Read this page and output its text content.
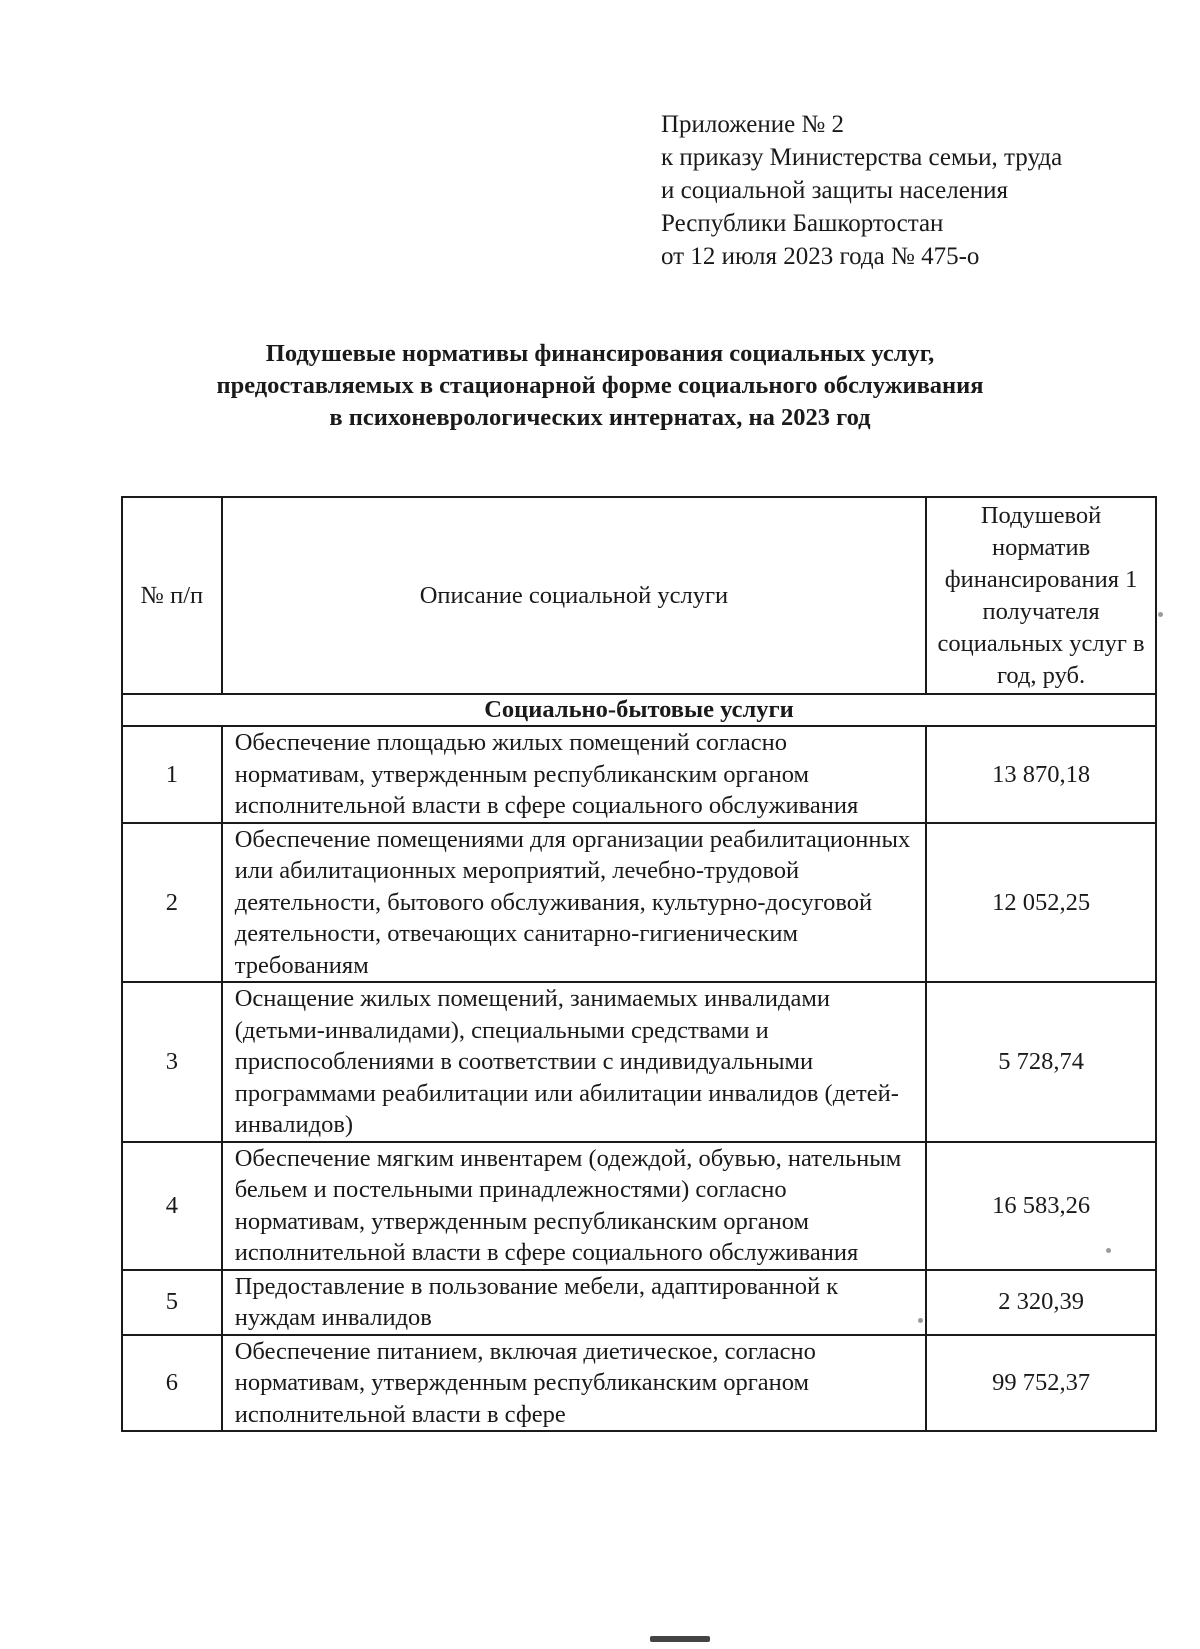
Приложение № 2
к приказу Министерства семьи, труда
и социальной защиты населения
Республики Башкортостан
от 12 июля 2023 года № 475-о
Подушевые нормативы финансирования социальных услуг,
предоставляемых в стационарной форме социального обслуживания
в психоневрологических интернатах, на 2023 год
№ п/п	Описание социальной услуги	Подушевой норматив финансирования 1 получателя социальных услуг в год, руб.

Социально-бытовые услуги		
1	Обеспечение площадью жилых помещений согласно нормативам, утвержденным республиканским органом исполнительной власти в сфере социального обслуживания	13 870,18
2	Обеспечение помещениями для организации реабилитационных или абилитационных мероприятий, лечебно-трудовой деятельности, бытового обслуживания, культурно-досуговой деятельности, отвечающих санитарно-гигиеническим требованиям	12 052,25
3	Оснащение жилых помещений, занимаемых инвалидами (детьми-инвалидами), специальными средствами и приспособлениями в соответствии с индивидуальными программами реабилитации или абилитации инвалидов (детей-инвалидов)	5 728,74
4	Обеспечение мягким инвентарем (одеждой, обувью, нательным бельем и постельными принадлежностями) согласно нормативам, утвержденным республиканским органом исполнительной власти в сфере социального обслуживания	16 583,26
5	Предоставление в пользование мебели, адаптированной к нуждам инвалидов	2 320,39
6	Обеспечение питанием, включая диетическое, согласно нормативам, утвержденным республиканским органом исполнительной власти в сфере	99 752,37
